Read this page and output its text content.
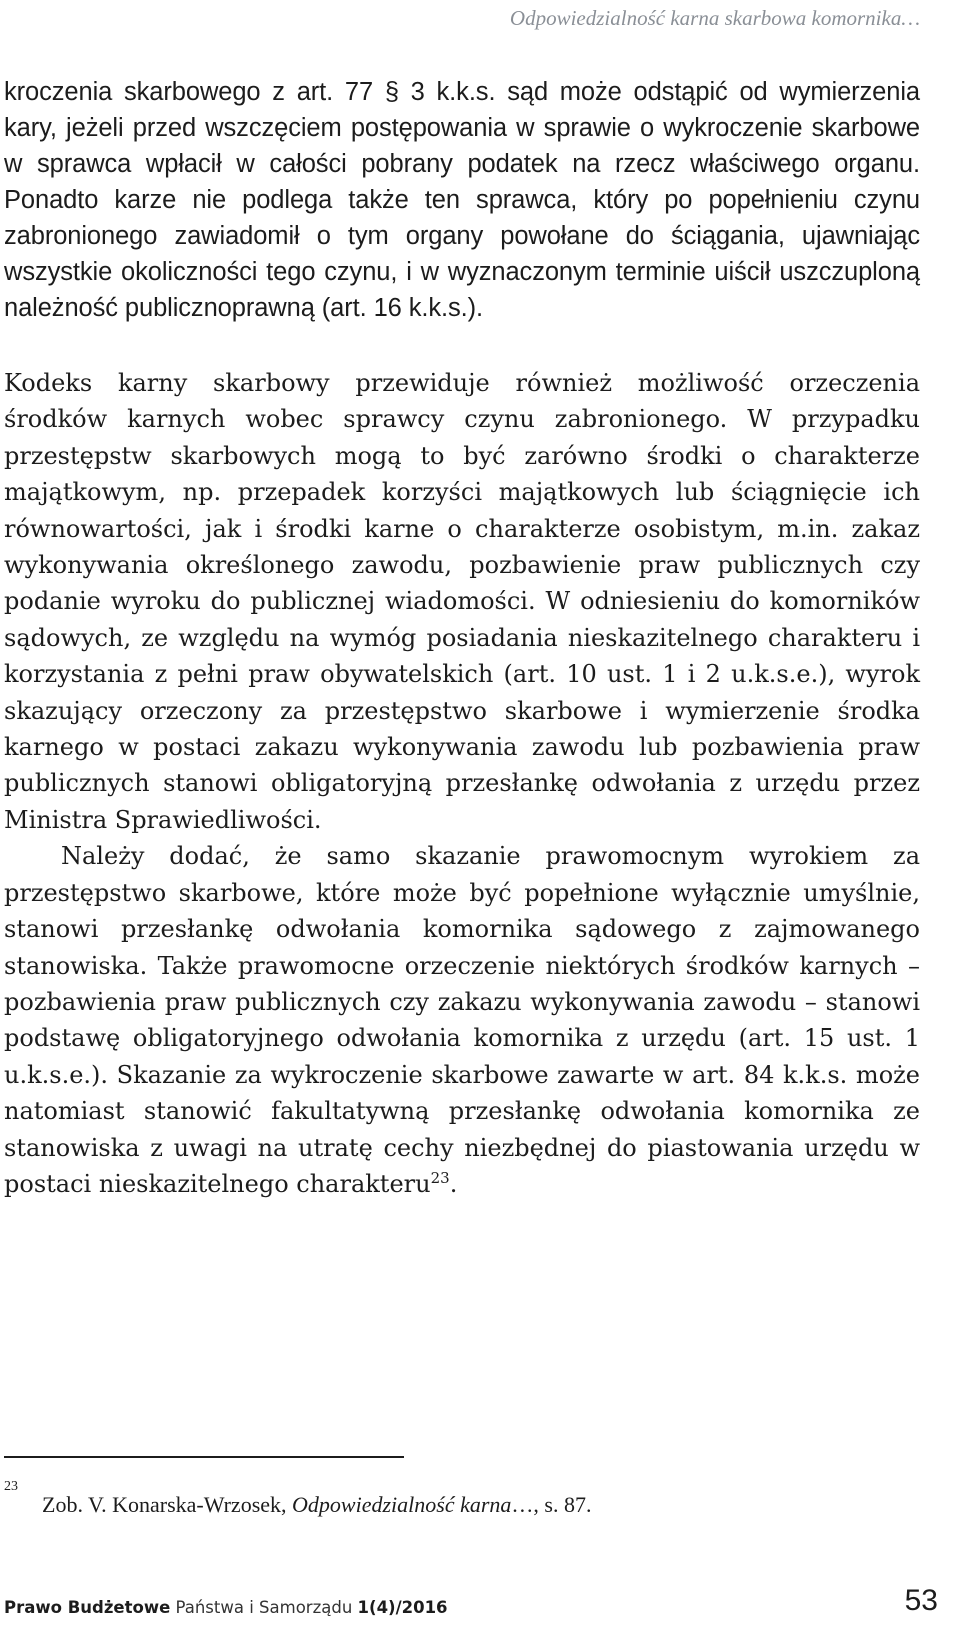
Odpowiedzialność karna skarbowa komornika…

kroczenia skarbowego z art. 77 § 3 k.k.s. sąd może odstąpić od wymierzenia kary, jeżeli przed wszczęciem postępowania w sprawie o wykroczenie skarbowe w sprawca wpłacił w całości pobrany podatek na rzecz właściwego organu. Ponadto karze nie podlega także ten sprawca, który po popełnieniu czynu zabronionego zawiadomił o tym organy powołane do ściągania, ujawniając wszystkie okoliczności tego czynu, i w wyznaczonym terminie uiścił uszczuploną należność publicznoprawną (art. 16 k.k.s.).

Kodeks karny skarbowy przewiduje również możliwość orzeczenia środków karnych wobec sprawcy czynu zabronionego. W przypadku przestępstw skarbowych mogą to być zarówno środki o charakterze majątkowym, np. przepadek korzyści majątkowych lub ściągnięcie ich równowartości, jak i środki karne o charakterze osobistym, m.in. zakaz wykonywania określonego zawodu, pozbawienie praw publicznych czy podanie wyroku do publicznej wiadomości. W odniesieniu do komorników sądowych, ze względu na wymóg posiadania nieskazitelnego charakteru i korzystania z pełni praw obywatelskich (art. 10 ust. 1 i 2 u.k.s.e.), wyrok skazujący orzeczony za przestępstwo skarbowe i wymierzenie środka karnego w postaci zakazu wykonywania zawodu lub pozbawienia praw publicznych stanowi obligatoryjną przesłankę odwołania z urzędu przez Ministra Sprawiedliwości.

Należy dodać, że samo skazanie prawomocnym wyrokiem za przestępstwo skarbowe, które może być popełnione wyłącznie umyślnie, stanowi przesłankę odwołania komornika sądowego z zajmowanego stanowiska. Także prawomocne orzeczenie niektórych środków karnych – pozbawienia praw publicznych czy zakazu wykonywania zawodu – stanowi podstawę obligatoryjnego odwołania komornika z urzędu (art. 15 ust. 1 u.k.s.e.). Skazanie za wykroczenie skarbowe zawarte w art. 84 k.k.s. może natomiast stanowić fakultatywną przesłankę odwołania komornika ze stanowiska z uwagi na utratę cechy niezbędnej do piastowania urzędu w postaci nieskazitelnego charakteru$^{23}$.

23
Zob. V. Konarska-Wrzosek, Odpowiedzialność karna…, s. 87.
Prawo Budżetowe Państwa i Samorządu 1(4)/2016	53
